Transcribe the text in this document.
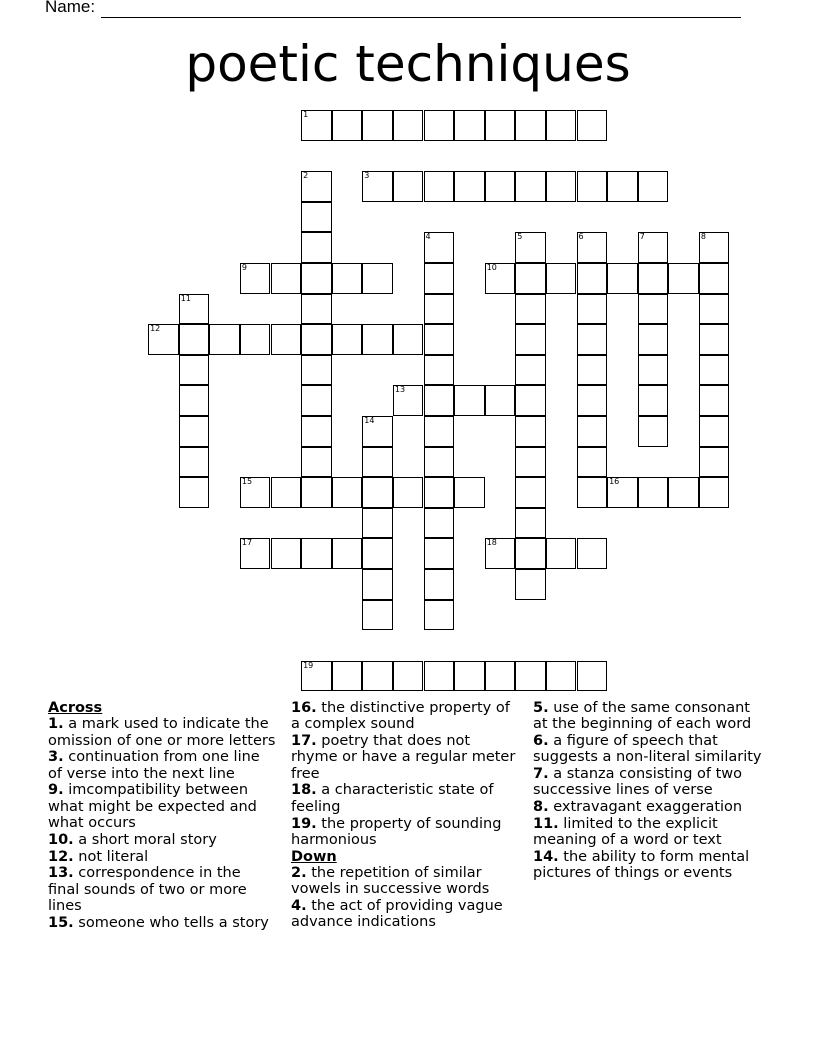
Name:
poetic techniques
1
2	3
4	5	6	7	8
9	10
11
12
13
14
15	16
17	18
19
Across
1. a mark used to indicate the omission of one or more letters
3. continuation from one line of verse into the next line
9. imcompatibility between what might be expected and what occurs
10. a short moral story
12. not literal
13. correspondence in the final sounds of two or more lines
15. someone who tells a story
16. the distinctive property of a complex sound
17. poetry that does not rhyme or have a regular meter free
18. a characteristic state of feeling
19. the property of sounding harmonious
Down
2. the repetition of similar vowels in successive words
4. the act of providing vague advance indications
5. use of the same consonant at the beginning of each word
6. a figure of speech that suggests a non-literal similarity
7. a stanza consisting of two successive lines of verse
8. extravagant exaggeration
11. limited to the explicit meaning of a word or text
14. the ability to form mental pictures of things or events
